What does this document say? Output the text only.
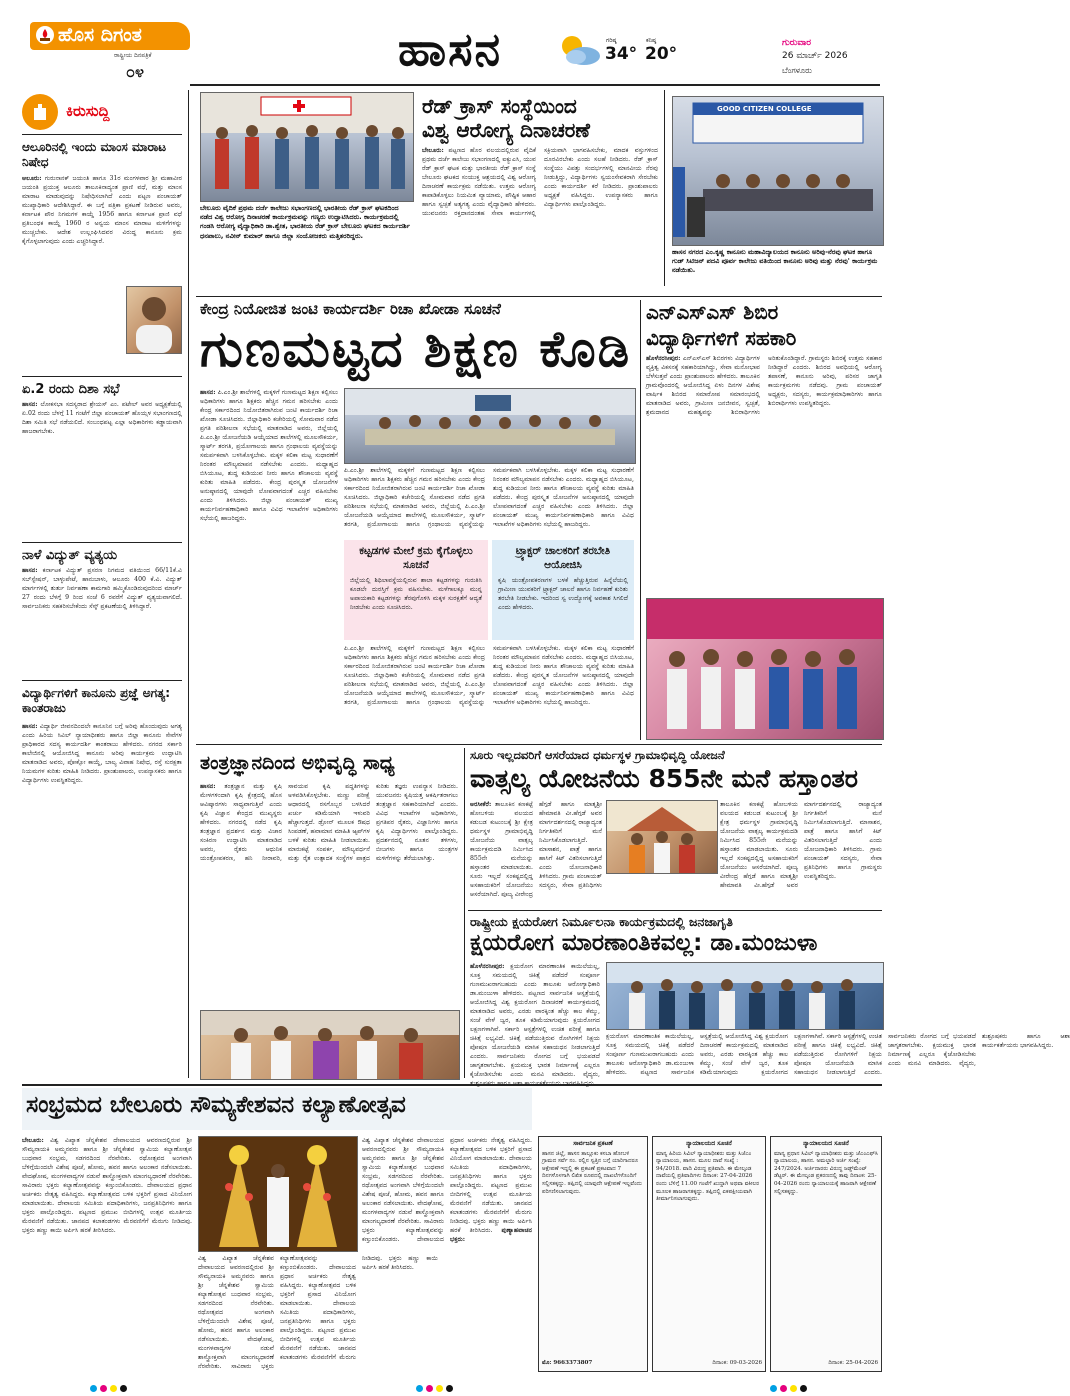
ಹೊಸ ದಿಗಂತ
ರಾಷ್ಟ್ರೀಯ ದಿನಪತ್ರಿಕೆ
೦೪	ಹಾಸನ	ಗರಿಷ್ಠ
34°
ಕನಿಷ್ಠ
20°
ಗುರುವಾರ
26 ಮಾರ್ಚ್ 2026
ಬೆಂಗಳೂರು
ಕಿರುಸುದ್ದಿ
ಆಲೂರಿನಲ್ಲಿ ಇಂದು ಮಾಂಸ ಮಾರಾಟ ನಿಷೇಧ
ಆಲೂರು: ಗುರುನಾನಕ್ ಜಯಂತಿ ಹಾಗೂ 31ರ ಮಂಗಳವಾರ ಶ್ರೀ ಮಹಾವೀರ ಜಯಂತಿ ಪ್ರಯುಕ್ತ ಆಲೂರು ತಾಲೂಕಿನಾದ್ಯಂತ ಪ್ರಾಣಿ ವಧೆ, ಮತ್ತು ಮಾಂಸ ಮಾರಾಟ ಮಾಡುವುದನ್ನು ನಿಷೇಧಿಸಲಾಗಿದೆ ಎಂದು ಪಟ್ಟಣ ಪಂಚಾಯತ್ ಮುಖ್ಯಾಧಿಕಾರಿ ಆದೇಶಿಸಿದ್ದಾರೆ. ಈ ಬಗ್ಗೆ ಪತ್ರಿಕಾ ಪ್ರಕಟಣೆ ನೀಡಿರುವ ಅವರು, ಕರ್ನಾಟಕ ಪೌರ ನಿಗಮಗಳ ಕಾಯ್ದೆ 1956 ಹಾಗೂ ಕರ್ನಾಟಕ ಪ್ರಾಣಿ ವಧೆ ಪ್ರತಿಬಂಧಕ ಕಾಯ್ದೆ 1960 ರ ಅನ್ವಯ ಮಾಂಸ ಮಾರಾಟ ಮಳಿಗೆಗಳನ್ನು ಮುಚ್ಚಬೇಕು. ಆದೇಶ ಉಲ್ಲಂಘಿಸಿದವರ ವಿರುದ್ಧ ಕಾನೂನು ಕ್ರಮ ಕೈಗೊಳ್ಳಲಾಗುವುದು ಎಂದು ಎಚ್ಚರಿಸಿದ್ದಾರೆ.
ಏ.2 ರಂದು ದಿಶಾ ಸಭೆ
ಹಾಸನ: ಲೋಕಸಭಾ ಸದಸ್ಯರಾದ ಶ್ರೇಯಸ್ ಎಂ. ಪಟೇಲ್ ಅವರ ಅಧ್ಯಕ್ಷತೆಯಲ್ಲಿ ಏ.02 ರಂದು ಬೆಳಗ್ಗೆ 11 ಗಂಟೆಗೆ ಜಿಲ್ಲಾ ಪಂಚಾಯತ್ ಹೊಯ್ಸಳ ಸಭಾಂಗಣದಲ್ಲಿ ದಿಶಾ ಸಮಿತಿ ಸಭೆ ನಡೆಯಲಿದೆ. ಸಂಬಂಧಪಟ್ಟ ಎಲ್ಲಾ ಅಧಿಕಾರಿಗಳು ಕಡ್ಡಾಯವಾಗಿ ಹಾಜರಾಗಬೇಕು.
ನಾಳೆ ವಿದ್ಯುತ್ ವ್ಯತ್ಯಯ
ಹಾಸನ: ಕರ್ನಾಟಕ ವಿದ್ಯುತ್ ಪ್ರಸರಣ ನಿಗಮದ ವತಿಯಿಂದ 66/11ಕೆ.ವಿ ಸಬ್‌ಸ್ಟೇಷನ್, ಬಾಳ್ಳುಪೇಟೆ, ಹಾನುಬಾಳು, ಆಲೂರು 400 ಕೆ.ವಿ. ವಿದ್ಯುತ್ ಮಾರ್ಗಗಳಲ್ಲಿ ತುರ್ತು ನಿರ್ವಹಣಾ ಕಾಮಗಾರಿ ಹಮ್ಮಿಕೊಂಡಿರುವುದರಿಂದ ಮಾರ್ಚ್ 27 ರಂದು ಬೆಳಗ್ಗೆ 9 ರಿಂದ ಸಂಜೆ 6 ರವರೆಗೆ ವಿದ್ಯುತ್ ವ್ಯತ್ಯಯವಾಗಲಿದೆ. ಸಾರ್ವಜನಿಕರು ಸಹಕರಿಸಬೇಕೆಂದು ಸೆಸ್ಕ್ ಪ್ರಕಟಣೆಯಲ್ಲಿ ತಿಳಿಸಿದ್ದಾರೆ.
ವಿದ್ಯಾರ್ಥಿಗಳಿಗೆ ಕಾನೂನು ಪ್ರಜ್ಞೆ ಅಗತ್ಯ: ಕಾಂತರಾಜು
ಹಾಸನ: ವಿದ್ಯಾರ್ಥಿ ಜೀವನದಿಂದಲೇ ಕಾನೂನಿನ ಬಗ್ಗೆ ಅರಿವು ಹೊಂದುವುದು ಅಗತ್ಯ ಎಂದು ಹಿರಿಯ ಸಿವಿಲ್ ನ್ಯಾಯಾಧೀಶರು ಹಾಗೂ ಜಿಲ್ಲಾ ಕಾನೂನು ಸೇವೆಗಳ ಪ್ರಾಧಿಕಾರದ ಸದಸ್ಯ ಕಾರ್ಯದರ್ಶಿ ಕಾಂತರಾಜು ಹೇಳಿದರು. ನಗರದ ಸರ್ಕಾರಿ ಕಾಲೇಜಿನಲ್ಲಿ ಆಯೋಜಿಸಿದ್ದ ಕಾನೂನು ಅರಿವು ಕಾರ್ಯಕ್ರಮ ಉದ್ಘಾಟಿಸಿ ಮಾತನಾಡಿದ ಅವರು, ಪೋಕ್ಸೋ ಕಾಯ್ದೆ, ಬಾಲ್ಯ ವಿವಾಹ ನಿಷೇಧ, ರಸ್ತೆ ಸುರಕ್ಷತಾ ನಿಯಮಗಳ ಕುರಿತು ಮಾಹಿತಿ ನೀಡಿದರು. ಪ್ರಾಂಶುಪಾಲರು, ಉಪನ್ಯಾಸಕರು ಹಾಗೂ ವಿದ್ಯಾರ್ಥಿಗಳು ಉಪಸ್ಥಿತರಿದ್ದರು.
ಬೇಲೂರು ವೈದಿಕೆ ಪ್ರಥಮ ದರ್ಜೆ ಕಾಲೇಜು ಸಭಾಂಗಣದಲ್ಲಿ ಭಾರತೀಯ ರೆಡ್ ಕ್ರಾಸ್ ಘಟಕದಿಂದ ನಡೆದ ವಿಶ್ವ ಆರೋಗ್ಯ ದಿನಾಚರಣೆ ಕಾರ್ಯಕ್ರಮವನ್ನು ಗಣ್ಯರು ಉದ್ಘಾಟಿಸಿದರು. ಕಾರ್ಯಕ್ರಮದಲ್ಲಿ ಗಂಡಸಿ ಆರೋಗ್ಯ ವೈದ್ಯಾಧಿಕಾರಿ ಡಾ.ಶ್ವೇತ, ಭಾರತೀಯ ರೆಡ್ ಕ್ರಾಸ್ ಬೇಲೂರು ಘಟಕದ ಕಾರ್ಯದರ್ಶಿ ಧನಪಾಲು, ನವೀನ್ ಕುಮಾರ್ ಹಾಗೂ ಜಿಲ್ಲಾ ಸಂಯೋಜಕರು ಮತ್ತಿತರರಿದ್ದರು.
ರೆಡ್ ಕ್ರಾಸ್ ಸಂಸ್ಥೆಯಿಂದ
ವಿಶ್ವ ಆರೋಗ್ಯ ದಿನಾಚರಣೆ
ಬೇಲೂರು: ಪಟ್ಟಣದ ಹೊರ ವಲಯದಲ್ಲಿರುವ ವೈದಿಕೆ ಪ್ರಥಮ ದರ್ಜೆ ಕಾಲೇಜು ಸಭಾಂಗಣದಲ್ಲಿ ಐಕ್ಯುಎಸಿ, ಯುವ ರೆಡ್ ಕ್ರಾಸ್ ಘಟಕ ಮತ್ತು ಭಾರತೀಯ ರೆಡ್ ಕ್ರಾಸ್ ಸಂಸ್ಥೆ ಬೇಲೂರು ಘಟಕದ ಸಂಯುಕ್ತ ಆಶ್ರಯದಲ್ಲಿ ವಿಶ್ವ ಆರೋಗ್ಯ ದಿನಾಚರಣೆ ಕಾರ್ಯಕ್ರಮ ನಡೆಯಿತು. ಉತ್ತಮ ಆರೋಗ್ಯ ಕಾಪಾಡಿಕೊಳ್ಳಲು ನಿಯಮಿತ ವ್ಯಾಯಾಮ, ಪೌಷ್ಟಿಕ ಆಹಾರ ಹಾಗೂ ಸ್ವಚ್ಛತೆ ಅತ್ಯಗತ್ಯ ಎಂದು ವೈದ್ಯಾಧಿಕಾರಿ ಹೇಳಿದರು. ಯುವಜನರು ರಕ್ತದಾನದಂತಹ ಸೇವಾ ಕಾರ್ಯಗಳಲ್ಲಿ ಸಕ್ರಿಯವಾಗಿ ಭಾಗವಹಿಸಬೇಕು, ಮಾದಕ ವಸ್ತುಗಳಿಂದ ದೂರವಿರಬೇಕು ಎಂದು ಸಲಹೆ ನೀಡಿದರು. ರೆಡ್ ಕ್ರಾಸ್ ಸಂಸ್ಥೆಯು ವಿಪತ್ತು ಸಂದರ್ಭಗಳಲ್ಲಿ ಮಾನವೀಯ ನೆರವು ನೀಡುತ್ತಿದ್ದು, ವಿದ್ಯಾರ್ಥಿಗಳು ಸ್ವಯಂಸೇವಕರಾಗಿ ಸೇರಬೇಕು ಎಂದು ಕಾರ್ಯದರ್ಶಿ ಕರೆ ನೀಡಿದರು. ಪ್ರಾಂಶುಪಾಲರು ಅಧ್ಯಕ್ಷತೆ ವಹಿಸಿದ್ದರು. ಉಪನ್ಯಾಸಕರು ಹಾಗೂ ವಿದ್ಯಾರ್ಥಿಗಳು ಪಾಲ್ಗೊಂಡಿದ್ದರು.
GOOD CITIZEN COLLEGE
ಹಾಸನ ನಗರದ ಎಂ.ಕೃಷ್ಣ ಕಾನೂನು ಮಹಾವಿದ್ಯಾಲಯದ ಕಾನೂನು ಅರಿವು-ನೆರವು ಘಟಕ ಹಾಗೂ ಗುಡ್ ಸಿಟಿಜನ್ ಪದವಿ ಪೂರ್ವ ಕಾಲೇಜು ವತಿಯಿಂದ ಕಾನೂನು ಅರಿವು ಮತ್ತು ನೆರವು' ಕಾರ್ಯಕ್ರಮ ನಡೆಯಿತು.
ಕೇಂದ್ರ ನಿಯೋಜಿತ ಜಂಟಿ ಕಾರ್ಯದರ್ಶಿ ರಿಚಾ ಖೋಡಾ ಸೂಚನೆ
ಗುಣಮಟ್ಟದ ಶಿಕ್ಷಣ ಕೊಡಿ
ಹಾಸನ: ಪಿ.ಎಂ.ಶ್ರೀ ಶಾಲೆಗಳಲ್ಲಿ ಮಕ್ಕಳಿಗೆ ಗುಣಮಟ್ಟದ ಶಿಕ್ಷಣ ಕಲ್ಪಿಸಲು ಅಧಿಕಾರಿಗಳು ಹಾಗೂ ಶಿಕ್ಷಕರು ಹೆಚ್ಚಿನ ಗಮನ ಹರಿಸಬೇಕು ಎಂದು ಕೇಂದ್ರ ಸರ್ಕಾರದಿಂದ ನಿಯೋಜಿತರಾಗಿರುವ ಜಂಟಿ ಕಾರ್ಯದರ್ಶಿ ರಿಚಾ ಖೋಡಾ ಸೂಚಿಸಿದರು. ಜಿಲ್ಲಾಧಿಕಾರಿ ಕಚೇರಿಯಲ್ಲಿ ಸೋಮವಾರ ನಡೆದ ಪ್ರಗತಿ ಪರಿಶೀಲನಾ ಸಭೆಯಲ್ಲಿ ಮಾತನಾಡಿದ ಅವರು, ಜಿಲ್ಲೆಯಲ್ಲಿ ಪಿ.ಎಂ.ಶ್ರೀ ಯೋಜನೆಯಡಿ ಆಯ್ಕೆಯಾದ ಶಾಲೆಗಳಲ್ಲಿ ಮೂಲಸೌಕರ್ಯ, ಸ್ಮಾರ್ಟ್ ತರಗತಿ, ಪ್ರಯೋಗಾಲಯ ಹಾಗೂ ಗ್ರಂಥಾಲಯ ವ್ಯವಸ್ಥೆಯನ್ನು ಸಮರ್ಪಕವಾಗಿ ಬಳಸಿಕೊಳ್ಳಬೇಕು. ಮಕ್ಕಳ ಕಲಿಕಾ ಮಟ್ಟ ಸುಧಾರಣೆಗೆ ನಿರಂತರ ಮೌಲ್ಯಮಾಪನ ನಡೆಸಬೇಕು ಎಂದರು. ಮಧ್ಯಾಹ್ನದ ಬಿಸಿಯೂಟ, ಶುದ್ಧ ಕುಡಿಯುವ ನೀರು ಹಾಗೂ ಶೌಚಾಲಯ ವ್ಯವಸ್ಥೆ ಕುರಿತು ಮಾಹಿತಿ ಪಡೆದರು. ಕೇಂದ್ರ ಪುರಸ್ಕೃತ ಯೋಜನೆಗಳ ಅನುಷ್ಠಾನದಲ್ಲಿ ಯಾವುದೇ ಲೋಪವಾಗದಂತೆ ಎಚ್ಚರ ವಹಿಸಬೇಕು ಎಂದು ತಿಳಿಸಿದರು. ಜಿಲ್ಲಾ ಪಂಚಾಯತ್ ಮುಖ್ಯ ಕಾರ್ಯನಿರ್ವಹಣಾಧಿಕಾರಿ ಹಾಗೂ ವಿವಿಧ ಇಲಾಖೆಗಳ ಅಧಿಕಾರಿಗಳು ಸಭೆಯಲ್ಲಿ ಹಾಜರಿದ್ದರು.
ಪಿ.ಎಂ.ಶ್ರೀ ಶಾಲೆಗಳಲ್ಲಿ ಮಕ್ಕಳಿಗೆ ಗುಣಮಟ್ಟದ ಶಿಕ್ಷಣ ಕಲ್ಪಿಸಲು ಅಧಿಕಾರಿಗಳು ಹಾಗೂ ಶಿಕ್ಷಕರು ಹೆಚ್ಚಿನ ಗಮನ ಹರಿಸಬೇಕು ಎಂದು ಕೇಂದ್ರ ಸರ್ಕಾರದಿಂದ ನಿಯೋಜಿತರಾಗಿರುವ ಜಂಟಿ ಕಾರ್ಯದರ್ಶಿ ರಿಚಾ ಖೋಡಾ ಸೂಚಿಸಿದರು. ಜಿಲ್ಲಾಧಿಕಾರಿ ಕಚೇರಿಯಲ್ಲಿ ಸೋಮವಾರ ನಡೆದ ಪ್ರಗತಿ ಪರಿಶೀಲನಾ ಸಭೆಯಲ್ಲಿ ಮಾತನಾಡಿದ ಅವರು, ಜಿಲ್ಲೆಯಲ್ಲಿ ಪಿ.ಎಂ.ಶ್ರೀ ಯೋಜನೆಯಡಿ ಆಯ್ಕೆಯಾದ ಶಾಲೆಗಳಲ್ಲಿ ಮೂಲಸೌಕರ್ಯ, ಸ್ಮಾರ್ಟ್ ತರಗತಿ, ಪ್ರಯೋಗಾಲಯ ಹಾಗೂ ಗ್ರಂಥಾಲಯ ವ್ಯವಸ್ಥೆಯನ್ನು ಸಮರ್ಪಕವಾಗಿ ಬಳಸಿಕೊಳ್ಳಬೇಕು. ಮಕ್ಕಳ ಕಲಿಕಾ ಮಟ್ಟ ಸುಧಾರಣೆಗೆ ನಿರಂತರ ಮೌಲ್ಯಮಾಪನ ನಡೆಸಬೇಕು ಎಂದರು. ಮಧ್ಯಾಹ್ನದ ಬಿಸಿಯೂಟ, ಶುದ್ಧ ಕುಡಿಯುವ ನೀರು ಹಾಗೂ ಶೌಚಾಲಯ ವ್ಯವಸ್ಥೆ ಕುರಿತು ಮಾಹಿತಿ ಪಡೆದರು. ಕೇಂದ್ರ ಪುರಸ್ಕೃತ ಯೋಜನೆಗಳ ಅನುಷ್ಠಾನದಲ್ಲಿ ಯಾವುದೇ ಲೋಪವಾಗದಂತೆ ಎಚ್ಚರ ವಹಿಸಬೇಕು ಎಂದು ತಿಳಿಸಿದರು. ಜಿಲ್ಲಾ ಪಂಚಾಯತ್ ಮುಖ್ಯ ಕಾರ್ಯನಿರ್ವಹಣಾಧಿಕಾರಿ ಹಾಗೂ ವಿವಿಧ ಇಲಾಖೆಗಳ ಅಧಿಕಾರಿಗಳು ಸಭೆಯಲ್ಲಿ ಹಾಜರಿದ್ದರು.
ಕಟ್ಟಡಗಳ ಮೇಲೆ ಕ್ರಮ ಕೈಗೊಳ್ಳಲು ಸೂಚನೆ
ಜಿಲ್ಲೆಯಲ್ಲಿ ಶಿಥಿಲಾವಸ್ಥೆಯಲ್ಲಿರುವ ಶಾಲಾ ಕಟ್ಟಡಗಳನ್ನು ಗುರುತಿಸಿ ಕೂಡಲೇ ದುರಸ್ತಿಗೆ ಕ್ರಮ ವಹಿಸಬೇಕು. ಮಳೆಗಾಲಕ್ಕೂ ಮುನ್ನ ಅಪಾಯಕಾರಿ ಕಟ್ಟಡಗಳನ್ನು ತೆರವುಗೊಳಿಸಿ ಮಕ್ಕಳ ಸುರಕ್ಷತೆಗೆ ಆದ್ಯತೆ ನೀಡಬೇಕು ಎಂದು ಸೂಚಿಸಿದರು.
ಟ್ರ್ಯಾಕ್ಟರ್ ಚಾಲಕರಿಗೆ ತರಬೇತಿ ಆಯೋಜಿಸಿ
ಕೃಷಿ ಯಂತ್ರೋಪಕರಣಗಳ ಬಳಕೆ ಹೆಚ್ಚುತ್ತಿರುವ ಹಿನ್ನೆಲೆಯಲ್ಲಿ ಗ್ರಾಮೀಣ ಯುವಕರಿಗೆ ಟ್ರ್ಯಾಕ್ಟರ್ ಚಾಲನೆ ಹಾಗೂ ನಿರ್ವಹಣೆ ಕುರಿತು ತರಬೇತಿ ನೀಡಬೇಕು. ಇದರಿಂದ ಸ್ವ ಉದ್ಯೋಗಕ್ಕೆ ಅವಕಾಶ ಸಿಗಲಿದೆ ಎಂದು ಹೇಳಿದರು.
ಪಿ.ಎಂ.ಶ್ರೀ ಶಾಲೆಗಳಲ್ಲಿ ಮಕ್ಕಳಿಗೆ ಗುಣಮಟ್ಟದ ಶಿಕ್ಷಣ ಕಲ್ಪಿಸಲು ಅಧಿಕಾರಿಗಳು ಹಾಗೂ ಶಿಕ್ಷಕರು ಹೆಚ್ಚಿನ ಗಮನ ಹರಿಸಬೇಕು ಎಂದು ಕೇಂದ್ರ ಸರ್ಕಾರದಿಂದ ನಿಯೋಜಿತರಾಗಿರುವ ಜಂಟಿ ಕಾರ್ಯದರ್ಶಿ ರಿಚಾ ಖೋಡಾ ಸೂಚಿಸಿದರು. ಜಿಲ್ಲಾಧಿಕಾರಿ ಕಚೇರಿಯಲ್ಲಿ ಸೋಮವಾರ ನಡೆದ ಪ್ರಗತಿ ಪರಿಶೀಲನಾ ಸಭೆಯಲ್ಲಿ ಮಾತನಾಡಿದ ಅವರು, ಜಿಲ್ಲೆಯಲ್ಲಿ ಪಿ.ಎಂ.ಶ್ರೀ ಯೋಜನೆಯಡಿ ಆಯ್ಕೆಯಾದ ಶಾಲೆಗಳಲ್ಲಿ ಮೂಲಸೌಕರ್ಯ, ಸ್ಮಾರ್ಟ್ ತರಗತಿ, ಪ್ರಯೋಗಾಲಯ ಹಾಗೂ ಗ್ರಂಥಾಲಯ ವ್ಯವಸ್ಥೆಯನ್ನು ಸಮರ್ಪಕವಾಗಿ ಬಳಸಿಕೊಳ್ಳಬೇಕು. ಮಕ್ಕಳ ಕಲಿಕಾ ಮಟ್ಟ ಸುಧಾರಣೆಗೆ ನಿರಂತರ ಮೌಲ್ಯಮಾಪನ ನಡೆಸಬೇಕು ಎಂದರು. ಮಧ್ಯಾಹ್ನದ ಬಿಸಿಯೂಟ, ಶುದ್ಧ ಕುಡಿಯುವ ನೀರು ಹಾಗೂ ಶೌಚಾಲಯ ವ್ಯವಸ್ಥೆ ಕುರಿತು ಮಾಹಿತಿ ಪಡೆದರು. ಕೇಂದ್ರ ಪುರಸ್ಕೃತ ಯೋಜನೆಗಳ ಅನುಷ್ಠಾನದಲ್ಲಿ ಯಾವುದೇ ಲೋಪವಾಗದಂತೆ ಎಚ್ಚರ ವಹಿಸಬೇಕು ಎಂದು ತಿಳಿಸಿದರು. ಜಿಲ್ಲಾ ಪಂಚಾಯತ್ ಮುಖ್ಯ ಕಾರ್ಯನಿರ್ವಹಣಾಧಿಕಾರಿ ಹಾಗೂ ವಿವಿಧ ಇಲಾಖೆಗಳ ಅಧಿಕಾರಿಗಳು ಸಭೆಯಲ್ಲಿ ಹಾಜರಿದ್ದರು.
ಎನ್‌ಎಸ್‌ಎಸ್ ಶಿಬಿರ
ವಿದ್ಯಾರ್ಥಿಗಳಿಗೆ ಸಹಕಾರಿ
ಹೊಳೆನರಸೀಪುರ: ಎನ್‌ಎಸ್‌ಎಸ್ ಶಿಬಿರಗಳು ವಿದ್ಯಾರ್ಥಿಗಳ ವ್ಯಕ್ತಿತ್ವ ವಿಕಸನಕ್ಕೆ ಸಹಕಾರಿಯಾಗಿದ್ದು, ಸೇವಾ ಮನೋಭಾವ ಬೆಳೆಸುತ್ತವೆ ಎಂದು ಪ್ರಾಂಶುಪಾಲರು ಹೇಳಿದರು. ತಾಲೂಕಿನ ಗ್ರಾಮವೊಂದರಲ್ಲಿ ಆಯೋಜಿಸಿದ್ದ ಏಳು ದಿನಗಳ ವಿಶೇಷ ವಾರ್ಷಿಕ ಶಿಬಿರದ ಸಮಾರೋಪ ಸಮಾರಂಭದಲ್ಲಿ ಮಾತನಾಡಿದ ಅವರು, ಗ್ರಾಮೀಣ ಜನಜೀವನ, ಸ್ವಚ್ಛತೆ, ಶ್ರಮದಾನದ ಮಹತ್ವವನ್ನು ಶಿಬಿರಾರ್ಥಿಗಳು ಅರಿತುಕೊಂಡಿದ್ದಾರೆ. ಗ್ರಾಮಸ್ಥರು ಶಿಬಿರಕ್ಕೆ ಉತ್ತಮ ಸಹಕಾರ ನೀಡಿದ್ದಾರೆ ಎಂದರು. ಶಿಬಿರದ ಅವಧಿಯಲ್ಲಿ ಆರೋಗ್ಯ ತಪಾಸಣೆ, ಕಾನೂನು ಅರಿವು, ಪರಿಸರ ಜಾಗೃತಿ ಕಾರ್ಯಕ್ರಮಗಳು ನಡೆದವು. ಗ್ರಾಮ ಪಂಚಾಯತ್ ಅಧ್ಯಕ್ಷರು, ಸದಸ್ಯರು, ಕಾರ್ಯಕ್ರಮಾಧಿಕಾರಿಗಳು ಹಾಗೂ ಶಿಬಿರಾರ್ಥಿಗಳು ಉಪಸ್ಥಿತರಿದ್ದರು.
ತಂತ್ರಜ್ಞಾನದಿಂದ ಅಭಿವೃದ್ಧಿ ಸಾಧ್ಯ
ಹಾಸನ: ತಂತ್ರಜ್ಞಾನ ಮತ್ತು ಕೃಷಿ ಮೇಳಗಳಿಂದಾಗಿ ಕೃಷಿ ಕ್ಷೇತ್ರದಲ್ಲಿ ಹೊಸ ಆವಿಷ್ಕಾರಗಳು ಸಾಧ್ಯವಾಗುತ್ತಿವೆ ಎಂದು ಕೃಷಿ ವಿಜ್ಞಾನ ಕೇಂದ್ರದ ಮುಖ್ಯಸ್ಥರು ಹೇಳಿದರು. ನಗರದಲ್ಲಿ ನಡೆದ ಕೃಷಿ ತಂತ್ರಜ್ಞಾನ ಪ್ರದರ್ಶನ ಮತ್ತು ವಿಚಾರ ಸಂಕಿರಣ ಉದ್ಘಾಟಿಸಿ ಮಾತನಾಡಿದ ಅವರು, ರೈತರು ಆಧುನಿಕ ಯಂತ್ರೋಪಕರಣ, ಹನಿ ನೀರಾವರಿ, ಸಾವಯವ ಕೃಷಿ ಪದ್ಧತಿಗಳನ್ನು ಅಳವಡಿಸಿಕೊಳ್ಳಬೇಕು. ಮಣ್ಣು ಪರೀಕ್ಷೆ ಆಧಾರದಲ್ಲಿ ರಸಗೊಬ್ಬರ ಬಳಸಿದರೆ ಖರ್ಚು ಕಡಿಮೆಯಾಗಿ ಇಳುವರಿ ಹೆಚ್ಚಾಗುತ್ತದೆ. ಡ್ರೋನ್ ಮೂಲಕ ಔಷಧ ಸಿಂಪಡಣೆ, ಹವಾಮಾನ ಮಾಹಿತಿ ಆ್ಯಪ್‌ಗಳ ಬಳಕೆ ಕುರಿತು ಮಾಹಿತಿ ನೀಡಲಾಯಿತು. ಮಾರುಕಟ್ಟೆ ಸಂಪರ್ಕ, ಮೌಲ್ಯವರ್ಧನೆ ಮತ್ತು ರೈತ ಉತ್ಪಾದಕ ಸಂಸ್ಥೆಗಳ ಪಾತ್ರದ ಕುರಿತು ತಜ್ಞರು ಉಪನ್ಯಾಸ ನೀಡಿದರು. ಯುವಜನರು ಕೃಷಿಯತ್ತ ಆಕರ್ಷಿತರಾಗಲು ತಂತ್ರಜ್ಞಾನ ಸಹಕಾರಿಯಾಗಿದೆ ಎಂದರು. ವಿವಿಧ ಇಲಾಖೆಗಳ ಅಧಿಕಾರಿಗಳು, ಪ್ರಗತಿಪರ ರೈತರು, ವಿಜ್ಞಾನಿಗಳು ಹಾಗೂ ಕೃಷಿ ವಿದ್ಯಾರ್ಥಿಗಳು ಪಾಲ್ಗೊಂಡಿದ್ದರು. ಪ್ರದರ್ಶನದಲ್ಲಿ ನೂತನ ತಳಿಗಳು, ಬೀಜಗಳು ಹಾಗೂ ಯಂತ್ರಗಳ ಮಳಿಗೆಗಳನ್ನು ತೆರೆಯಲಾಗಿತ್ತು.
ಸೂರು ಇಲ್ಲದವರಿಗೆ ಆಸರೆಯಾದ ಧರ್ಮಸ್ಥಳ ಗ್ರಾಮಾಭಿವೃದ್ಧಿ ಯೋಜನೆ
ವಾತ್ಸಲ್ಯ ಯೋಜನೆಯ 855ನೇ ಮನೆ ಹಸ್ತಾಂತರ
ಅರಸೀಕೆರೆ: ತಾಲೂಕಿನ ಕಣಕಟ್ಟೆ ಹೋಬಳಿಯ ವಲಯದ ಕಡುಬಡ ಕುಟುಂಬಕ್ಕೆ ಶ್ರೀ ಕ್ಷೇತ್ರ ಧರ್ಮಸ್ಥಳ ಗ್ರಾಮಾಭಿವೃದ್ಧಿ ಯೋಜನೆಯ ವಾತ್ಸಲ್ಯ ಕಾರ್ಯಕ್ರಮದಡಿ ನಿರ್ಮಿಸಿದ 855ನೇ ಮನೆಯನ್ನು ಹಸ್ತಾಂತರ ಮಾಡಲಾಯಿತು. ಸೂರು ಇಲ್ಲದೆ ಸಂಕಷ್ಟದಲ್ಲಿದ್ದ ಅಸಹಾಯಕರಿಗೆ ಯೋಜನೆಯು ಆಸರೆಯಾಗಿದೆ. ಪೂಜ್ಯ ವೀರೇಂದ್ರ ಹೆಗ್ಗಡೆ ಹಾಗೂ ಮಾತೃಶ್ರೀ ಹೇಮಾವತಿ ವೀ.ಹೆಗ್ಗಡೆ ಅವರ ಮಾರ್ಗದರ್ಶನದಲ್ಲಿ ರಾಜ್ಯಾದ್ಯಂತ ನಿರ್ಗತಿಕರಿಗೆ ಮನೆ ನಿರ್ಮಿಸಿಕೊಡಲಾಗುತ್ತಿದೆ. ಮಾಸಾಶನ, ಪಾತ್ರೆ ಹಾಗೂ ಹಾಸಿಗೆ ಕಿಟ್ ವಿತರಿಸಲಾಗುತ್ತಿದೆ ಎಂದು ಯೋಜನಾಧಿಕಾರಿ ತಿಳಿಸಿದರು. ಗ್ರಾಮ ಪಂಚಾಯತ್ ಸದಸ್ಯರು, ಸೇವಾ ಪ್ರತಿನಿಧಿಗಳು
ತಾಲೂಕಿನ ಕಣಕಟ್ಟೆ ಹೋಬಳಿಯ ವಲಯದ ಕಡುಬಡ ಕುಟುಂಬಕ್ಕೆ ಶ್ರೀ ಕ್ಷೇತ್ರ ಧರ್ಮಸ್ಥಳ ಗ್ರಾಮಾಭಿವೃದ್ಧಿ ಯೋಜನೆಯ ವಾತ್ಸಲ್ಯ ಕಾರ್ಯಕ್ರಮದಡಿ ನಿರ್ಮಿಸಿದ 855ನೇ ಮನೆಯನ್ನು ಹಸ್ತಾಂತರ ಮಾಡಲಾಯಿತು. ಸೂರು ಇಲ್ಲದೆ ಸಂಕಷ್ಟದಲ್ಲಿದ್ದ ಅಸಹಾಯಕರಿಗೆ ಯೋಜನೆಯು ಆಸರೆಯಾಗಿದೆ. ಪೂಜ್ಯ ವೀರೇಂದ್ರ ಹೆಗ್ಗಡೆ ಹಾಗೂ ಮಾತೃಶ್ರೀ ಹೇಮಾವತಿ ವೀ.ಹೆಗ್ಗಡೆ ಅವರ ಮಾರ್ಗದರ್ಶನದಲ್ಲಿ ರಾಜ್ಯಾದ್ಯಂತ ನಿರ್ಗತಿಕರಿಗೆ ಮನೆ ನಿರ್ಮಿಸಿಕೊಡಲಾಗುತ್ತಿದೆ. ಮಾಸಾಶನ, ಪಾತ್ರೆ ಹಾಗೂ ಹಾಸಿಗೆ ಕಿಟ್ ವಿತರಿಸಲಾಗುತ್ತಿದೆ ಎಂದು ಯೋಜನಾಧಿಕಾರಿ ತಿಳಿಸಿದರು. ಗ್ರಾಮ ಪಂಚಾಯತ್ ಸದಸ್ಯರು, ಸೇವಾ ಪ್ರತಿನಿಧಿಗಳು ಹಾಗೂ ಗ್ರಾಮಸ್ಥರು ಉಪಸ್ಥಿತರಿದ್ದರು.
ರಾಷ್ಟ್ರೀಯ ಕ್ಷಯರೋಗ ನಿರ್ಮೂಲನಾ ಕಾರ್ಯಕ್ರಮದಲ್ಲಿ ಜನಜಾಗೃತಿ
ಕ್ಷಯರೋಗ ಮಾರಣಾಂತಿಕವಲ್ಲ: ಡಾ.ಮಂಜುಳಾ
ಹೊಳೆನರಸೀಪುರ: ಕ್ಷಯರೋಗ ಮಾರಣಾಂತಿಕ ಕಾಯಿಲೆಯಲ್ಲ, ಸೂಕ್ತ ಸಮಯದಲ್ಲಿ ಚಿಕಿತ್ಸೆ ಪಡೆದರೆ ಸಂಪೂರ್ಣ ಗುಣಮುಖರಾಗಬಹುದು ಎಂದು ತಾಲೂಕು ಆರೋಗ್ಯಾಧಿಕಾರಿ ಡಾ.ಮಂಜುಳಾ ಹೇಳಿದರು. ಪಟ್ಟಣದ ಸಾರ್ವಜನಿಕ ಆಸ್ಪತ್ರೆಯಲ್ಲಿ ಆಯೋಜಿಸಿದ್ದ ವಿಶ್ವ ಕ್ಷಯರೋಗ ದಿನಾಚರಣೆ ಕಾರ್ಯಕ್ರಮದಲ್ಲಿ ಮಾತನಾಡಿದ ಅವರು, ಎರಡು ವಾರಕ್ಕಿಂತ ಹೆಚ್ಚು ಕಾಲ ಕೆಮ್ಮು, ಸಂಜೆ ವೇಳೆ ಜ್ವರ, ತೂಕ ಕಡಿಮೆಯಾಗುವುದು ಕ್ಷಯರೋಗದ ಲಕ್ಷಣಗಳಾಗಿವೆ. ಸರ್ಕಾರಿ ಆಸ್ಪತ್ರೆಗಳಲ್ಲಿ ಉಚಿತ ಪರೀಕ್ಷೆ ಹಾಗೂ ಚಿಕಿತ್ಸೆ ಲಭ್ಯವಿದೆ. ಚಿಕಿತ್ಸೆ ಪಡೆಯುತ್ತಿರುವ ರೋಗಿಗಳಿಗೆ ನಿಕ್ಷಯ ಪೋಷಣ ಯೋಜನೆಯಡಿ ಮಾಸಿಕ ಸಹಾಯಧನ ನೀಡಲಾಗುತ್ತಿದೆ ಎಂದರು. ಸಾರ್ವಜನಿಕರು ರೋಗದ ಬಗ್ಗೆ ಭಯಪಡದೆ ಜಾಗೃತರಾಗಬೇಕು. ಕ್ಷಯಮುಕ್ತ ಭಾರತ ನಿರ್ಮಾಣಕ್ಕೆ ಎಲ್ಲರೂ ಕೈಜೋಡಿಸಬೇಕು ಎಂದು ಮನವಿ ಮಾಡಿದರು. ವೈದ್ಯರು,
ಕ್ಷಯರೋಗ ಮಾರಣಾಂತಿಕ ಕಾಯಿಲೆಯಲ್ಲ, ಸೂಕ್ತ ಸಮಯದಲ್ಲಿ ಚಿಕಿತ್ಸೆ ಪಡೆದರೆ ಸಂಪೂರ್ಣ ಗುಣಮುಖರಾಗಬಹುದು ಎಂದು ತಾಲೂಕು ಆರೋಗ್ಯಾಧಿಕಾರಿ ಡಾ.ಮಂಜುಳಾ ಹೇಳಿದರು. ಪಟ್ಟಣದ ಸಾರ್ವಜನಿಕ ಆಸ್ಪತ್ರೆಯಲ್ಲಿ ಆಯೋಜಿಸಿದ್ದ ವಿಶ್ವ ಕ್ಷಯರೋಗ ದಿನಾಚರಣೆ ಕಾರ್ಯಕ್ರಮದಲ್ಲಿ ಮಾತನಾಡಿದ ಅವರು, ಎರಡು ವಾರಕ್ಕಿಂತ ಹೆಚ್ಚು ಕಾಲ ಕೆಮ್ಮು, ಸಂಜೆ ವೇಳೆ ಜ್ವರ, ತೂಕ ಕಡಿಮೆಯಾಗುವುದು ಕ್ಷಯರೋಗದ ಲಕ್ಷಣಗಳಾಗಿವೆ. ಸರ್ಕಾರಿ ಆಸ್ಪತ್ರೆಗಳಲ್ಲಿ ಉಚಿತ ಪರೀಕ್ಷೆ ಹಾಗೂ ಚಿಕಿತ್ಸೆ ಲಭ್ಯವಿದೆ. ಚಿಕಿತ್ಸೆ ಪಡೆಯುತ್ತಿರುವ ರೋಗಿಗಳಿಗೆ ನಿಕ್ಷಯ ಪೋಷಣ ಯೋಜನೆಯಡಿ ಮಾಸಿಕ ಸಹಾಯಧನ ನೀಡಲಾಗುತ್ತಿದೆ ಎಂದರು. ಸಾರ್ವಜನಿಕರು ರೋಗದ ಬಗ್ಗೆ ಭಯಪಡದೆ ಜಾಗೃತರಾಗಬೇಕು. ಕ್ಷಯಮುಕ್ತ ಭಾರತ ನಿರ್ಮಾಣಕ್ಕೆ ಎಲ್ಲರೂ ಕೈಜೋಡಿಸಬೇಕು ಎಂದು ಮನವಿ ಮಾಡಿದರು. ವೈದ್ಯರು, ಶುಶ್ರೂಷಕರು ಹಾಗೂ ಆಶಾ ಕಾರ್ಯಕರ್ತೆಯರು ಭಾಗವಹಿಸಿದ್ದರು.
ಸಂಭ್ರಮದ ಬೇಲೂರು ಸೌಮ್ಯಕೇಶವನ ಕಲ್ಯಾಣೋತ್ಸವ
ಬೇಲೂರು: ವಿಶ್ವ ವಿಖ್ಯಾತ ಚೆನ್ನಕೇಶವ ದೇವಾಲಯದ ಆವರಣದಲ್ಲಿರುವ ಶ್ರೀ ಸೌಮ್ಯನಾಯಕಿ ಅಮ್ಮನವರು ಹಾಗೂ ಶ್ರೀ ಚೆನ್ನಕೇಶವ ಸ್ವಾಮಿಯ ಕಲ್ಯಾಣೋತ್ಸವ ಬುಧವಾರ ಸಂಭ್ರಮ, ಸಡಗರದಿಂದ ನೆರವೇರಿತು. ರಥೋತ್ಸವದ ಅಂಗವಾಗಿ ಬೆಳಿಗ್ಗೆಯಿಂದಲೇ ವಿಶೇಷ ಪೂಜೆ, ಹೋಮ, ಹವನ ಹಾಗೂ ಅಲಂಕಾರ ನಡೆಸಲಾಯಿತು. ವೇದಘೋಷ, ಮಂಗಳವಾದ್ಯಗಳ ನಡುವೆ ಶಾಸ್ತ್ರೋಕ್ತವಾಗಿ ಮಾಂಗಲ್ಯಧಾರಣೆ ನೆರವೇರಿತು. ಸಾವಿರಾರು ಭಕ್ತರು ಕಲ್ಯಾಣೋತ್ಸವವನ್ನು ಕಣ್ತುಂಬಿಕೊಂಡರು. ದೇವಾಲಯದ ಪ್ರಧಾನ ಅರ್ಚಕರು ನೇತೃತ್ವ ವಹಿಸಿದ್ದರು. ಕಲ್ಯಾಣೋತ್ಸವದ ಬಳಿಕ ಭಕ್ತರಿಗೆ ಪ್ರಸಾದ ವಿನಿಯೋಗ ಮಾಡಲಾಯಿತು. ದೇವಾಲಯ ಸಮಿತಿಯ ಪದಾಧಿಕಾರಿಗಳು, ಜನಪ್ರತಿನಿಧಿಗಳು ಹಾಗೂ ಭಕ್ತರು ಪಾಲ್ಗೊಂಡಿದ್ದರು. ಪಟ್ಟಣದ ಪ್ರಮುಖ ಬೀದಿಗಳಲ್ಲಿ ಉತ್ಸವ ಮೂರ್ತಿಯ ಮೆರವಣಿಗೆ ನಡೆಯಿತು. ಜಾನಪದ ಕಲಾತಂಡಗಳು ಮೆರವಣಿಗೆಗೆ ಮೆರುಗು ನೀಡಿದವು. ಭಕ್ತರು ಹಣ್ಣು ಕಾಯಿ ಅರ್ಪಿಸಿ ಹರಕೆ ತೀರಿಸಿದರು.
ವಿಶ್ವ ವಿಖ್ಯಾತ ಚೆನ್ನಕೇಶವ ದೇವಾಲಯದ ಆವರಣದಲ್ಲಿರುವ ಶ್ರೀ ಸೌಮ್ಯನಾಯಕಿ ಅಮ್ಮನವರು ಹಾಗೂ ಶ್ರೀ ಚೆನ್ನಕೇಶವ ಸ್ವಾಮಿಯ ಕಲ್ಯಾಣೋತ್ಸವ ಬುಧವಾರ ಸಂಭ್ರಮ, ಸಡಗರದಿಂದ ನೆರವೇರಿತು. ರಥೋತ್ಸವದ ಅಂಗವಾಗಿ ಬೆಳಿಗ್ಗೆಯಿಂದಲೇ ವಿಶೇಷ ಪೂಜೆ, ಹೋಮ, ಹವನ ಹಾಗೂ ಅಲಂಕಾರ ನಡೆಸಲಾಯಿತು. ವೇದಘೋಷ, ಮಂಗಳವಾದ್ಯಗಳ ನಡುವೆ ಶಾಸ್ತ್ರೋಕ್ತವಾಗಿ ಮಾಂಗಲ್ಯಧಾರಣೆ ನೆರವೇರಿತು. ಸಾವಿರಾರು ಭಕ್ತರು ಕಲ್ಯಾಣೋತ್ಸವವನ್ನು ಕಣ್ತುಂಬಿಕೊಂಡರು. ದೇವಾಲಯದ ಪ್ರಧಾನ ಅರ್ಚಕರು ನೇತೃತ್ವ ವಹಿಸಿದ್ದರು. ಕಲ್ಯಾಣೋತ್ಸವದ ಬಳಿಕ ಭಕ್ತರಿಗೆ ಪ್ರಸಾದ ವಿನಿಯೋಗ ಮಾಡಲಾಯಿತು. ದೇವಾಲಯ ಸಮಿತಿಯ ಪದಾಧಿಕಾರಿಗಳು, ಜನಪ್ರತಿನಿಧಿಗಳು ಹಾಗೂ ಭಕ್ತರು ಪಾಲ್ಗೊಂಡಿದ್ದರು. ಪಟ್ಟಣದ ಪ್ರಮುಖ ಬೀದಿಗಳಲ್ಲಿ ಉತ್ಸವ ಮೂರ್ತಿಯ ಮೆರವಣಿಗೆ ನಡೆಯಿತು. ಜಾನಪದ ಕಲಾತಂಡಗಳು ಮೆರವಣಿಗೆಗೆ ಮೆರುಗು ನೀಡಿದವು. ಭಕ್ತರು ಹಣ್ಣು ಕಾಯಿ ಅರ್ಪಿಸಿ ಹರಕೆ ತೀರಿಸಿದರು.
ವಿಶ್ವ ವಿಖ್ಯಾತ ಚೆನ್ನಕೇಶವ ದೇವಾಲಯದ ಆವರಣದಲ್ಲಿರುವ ಶ್ರೀ ಸೌಮ್ಯನಾಯಕಿ ಅಮ್ಮನವರು ಹಾಗೂ ಶ್ರೀ ಚೆನ್ನಕೇಶವ ಸ್ವಾಮಿಯ ಕಲ್ಯಾಣೋತ್ಸವ ಬುಧವಾರ ಸಂಭ್ರಮ, ಸಡಗರದಿಂದ ನೆರವೇರಿತು. ರಥೋತ್ಸವದ ಅಂಗವಾಗಿ ಬೆಳಿಗ್ಗೆಯಿಂದಲೇ ವಿಶೇಷ ಪೂಜೆ, ಹೋಮ, ಹವನ ಹಾಗೂ ಅಲಂಕಾರ ನಡೆಸಲಾಯಿತು. ವೇದಘೋಷ, ಮಂಗಳವಾದ್ಯಗಳ ನಡುವೆ ಶಾಸ್ತ್ರೋಕ್ತವಾಗಿ ಮಾಂಗಲ್ಯಧಾರಣೆ ನೆರವೇರಿತು. ಸಾವಿರಾರು ಭಕ್ತರು ಕಲ್ಯಾಣೋತ್ಸವವನ್ನು ಕಣ್ತುಂಬಿಕೊಂಡರು. ದೇವಾಲಯದ ಪ್ರಧಾನ ಅರ್ಚಕರು ನೇತೃತ್ವ ವಹಿಸಿದ್ದರು. ಕಲ್ಯಾಣೋತ್ಸವದ ಬಳಿಕ ಭಕ್ತರಿಗೆ ಪ್ರಸಾದ ವಿನಿಯೋಗ ಮಾಡಲಾಯಿತು. ದೇವಾಲಯ ಸಮಿತಿಯ ಪದಾಧಿಕಾರಿಗಳು, ಜನಪ್ರತಿನಿಧಿಗಳು ಹಾಗೂ ಭಕ್ತರು ಪಾಲ್ಗೊಂಡಿದ್ದರು. ಪಟ್ಟಣದ ಪ್ರಮುಖ ಬೀದಿಗಳಲ್ಲಿ ಉತ್ಸವ ಮೂರ್ತಿಯ ಮೆರವಣಿಗೆ ನಡೆಯಿತು. ಜಾನಪದ ಕಲಾತಂಡಗಳು ಮೆರವಣಿಗೆಗೆ ಮೆರುಗು ನೀಡಿದವು. ಭಕ್ತರು ಹಣ್ಣು ಕಾಯಿ ಅರ್ಪಿಸಿ ಹರಕೆ ತೀರಿಸಿದರು. ಪುಣ್ಯಾಹವಾಚನ ಭಕ್ತರು:
ಸಾರ್ವಜನಿಕ ಪ್ರಕಟಣೆ
ಹಾಸನ ಜಿಲ್ಲೆ, ಹಾಸನ ತಾಲ್ಲೂಕು ಕಸಬಾ ಹೋಬಳಿ ಗ್ರಾಮದ ಸರ್ವೆ ನಂ. ರಲ್ಲಿನ ಸ್ವತ್ತಿನ ಬಗ್ಗೆ ಯಾರಿಗಾದರೂ ಆಕ್ಷೇಪಣೆ ಇದ್ದಲ್ಲಿ ಈ ಪ್ರಕಟಣೆ ಪ್ರಕಟವಾದ 7 ದಿನಗಳೊಳಗಾಗಿ ಲಿಖಿತ ರೂಪದಲ್ಲಿ ದಾಖಲೆಗಳೊಂದಿಗೆ ಸಲ್ಲಿಸತಕ್ಕದ್ದು. ತಪ್ಪಿದಲ್ಲಿ ಯಾವುದೇ ಆಕ್ಷೇಪಣೆ ಇಲ್ಲವೆಂದು ಪರಿಗಣಿಸಲಾಗುವುದು.
ಮೊ: 9663373807
ನ್ಯಾಯಾಲಯದ ಸೂಚನೆ
ಮಾನ್ಯ ಹಿರಿಯ ಸಿವಿಲ್ ನ್ಯಾಯಾಧೀಶರು ಮತ್ತು ಸಿಜೆಎಂ ನ್ಯಾಯಾಲಯ, ಹಾಸನ. ಮೂಲ ದಾವೆ ಸಂಖ್ಯೆ : 94/2018. ವಾದಿ ವಿರುದ್ಧ ಪ್ರತಿವಾದಿ. ಈ ಮೇಲ್ಕಂಡ ದಾವೆಯಲ್ಲಿ ಪ್ರತಿವಾದಿಗಳು ದಿನಾಂಕ: 27-04-2026 ರಂದು ಬೆಳಿಗ್ಗೆ 11.00 ಗಂಟೆಗೆ ಖುದ್ದಾಗಿ ಅಥವಾ ವಕೀಲರ ಮೂಲಕ ಹಾಜರಾಗತಕ್ಕದ್ದು. ತಪ್ಪಿದಲ್ಲಿ ಏಕಪಕ್ಷೀಯವಾಗಿ ತೀರ್ಮಾನಿಸಲಾಗುವುದು.
ದಿನಾಂಕ: 09-03-2026
ನ್ಯಾಯಾಲಯದ ಸೂಚನೆ
ಮಾನ್ಯ ಪ್ರಧಾನ ಸಿವಿಲ್ ನ್ಯಾಯಾಧೀಶರು ಮತ್ತು ಜೆಎಂಎಫ್‌ಸಿ ನ್ಯಾಯಾಲಯ, ಹಾಸನ. ಅಮಲ್ಜಾರಿ ಅರ್ಜಿ ಸಂಖ್ಯೆ: 247/2024. ಅರ್ಜಿದಾರರು ವಿರುದ್ಧ ಜಡ್ಜ್‌ಮೆಂಟ್ ಡೆಟ್ಟರ್. ಈ ಮೇಲ್ಕಂಡ ಪ್ರಕರಣದಲ್ಲಿ ತಾವು ದಿನಾಂಕ: 25-04-2026 ರಂದು ನ್ಯಾಯಾಲಯಕ್ಕೆ ಹಾಜರಾಗಿ ಆಕ್ಷೇಪಣೆ ಸಲ್ಲಿಸತಕ್ಕದ್ದು.
ದಿನಾಂಕ: 25-04-2026
